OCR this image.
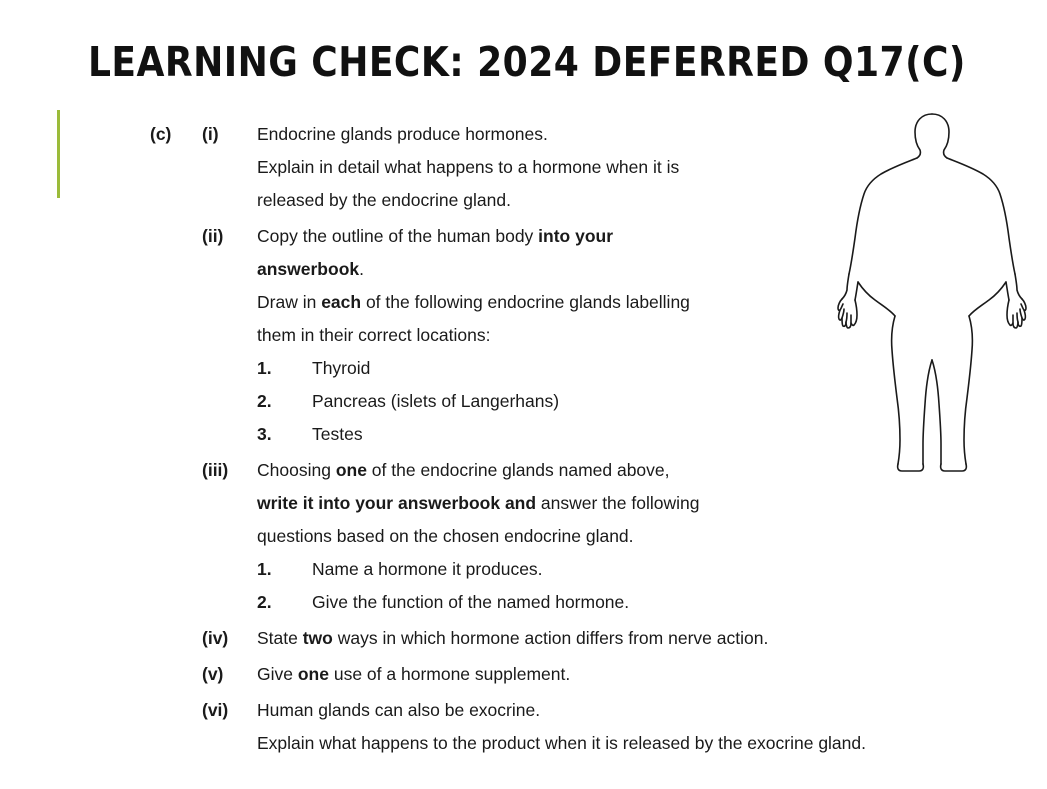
LEARNING CHECK: 2024 DEFERRED Q17(C)
(c)	(i)	Endocrine glands produce hormones.
Explain in detail what happens to a hormone when it is
released by the endocrine gland.
(ii)	Copy the outline of the human body into your
answerbook.
Draw in each of the following endocrine glands labelling
them in their correct locations:
1.	Thyroid
2.	Pancreas (islets of Langerhans)
3.	Testes
(iii)	Choosing one of the endocrine glands named above,
write it into your answerbook and answer the following
questions based on the chosen endocrine gland.
1.	Name a hormone it produces.
2.	Give the function of the named hormone.
(iv)	State two ways in which hormone action differs from nerve action.
(v)	Give one use of a hormone supplement.
(vi)	Human glands can also be exocrine.
Explain what happens to the product when it is released by the exocrine gland.
